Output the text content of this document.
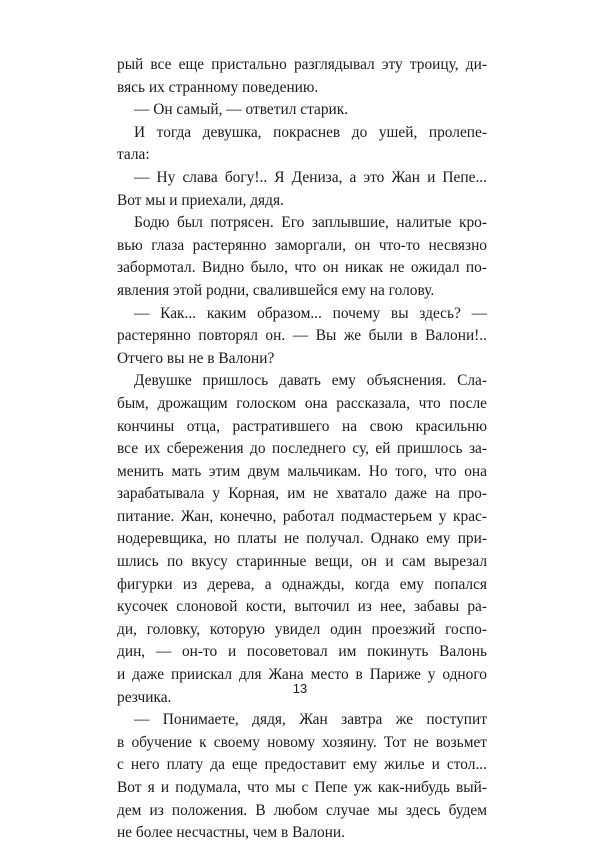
рый все еще пристально разглядывал эту троицу, ди-
вясь их странному поведению.
— Он самый, — ответил старик.
И тогда девушка, покраснев до ушей, пролепе-
тала:
— Ну слава богу!.. Я Дениза, а это Жан и Пепе...
Вот мы и приехали, дядя.
Бодю был потрясен. Его заплывшие, налитые кро-
вью глаза растерянно заморгали, он что-то несвязно
забормотал. Видно было, что он никак не ожидал по-
явления этой родни, свалившейся ему на голову.
— Как... каким образом... почему вы здесь? —
растерянно повторял он. — Вы же были в Валони!..
Отчего вы не в Валони?
Девушке пришлось давать ему объяснения. Сла-
бым, дрожащим голоском она рассказала, что после
кончины отца, растратившего на свою красильню
все их сбережения до последнего су, ей пришлось за-
менить мать этим двум мальчикам. Но того, что она
зарабатывала у Корная, им не хватало даже на про-
питание. Жан, конечно, работал подмастерьем у крас-
нодеревщика, но платы не получал. Однако ему при-
шлись по вкусу старинные вещи, он и сам вырезал
фигурки из дерева, а однажды, когда ему попался
кусочек слоновой кости, выточил из нее, забавы ра-
ди, головку, которую увидел один проезжий госпо-
дин, — он-то и посоветовал им покинуть Валонь
и даже приискал для Жана место в Париже у одного
резчика.
— Понимаете, дядя, Жан завтра же поступит
в обучение к своему новому хозяину. Тот не возьмет
с него плату да еще предоставит ему жилье и стол...
Вот я и подумала, что мы с Пепе уж как-нибудь вый-
дем из положения. В любом случае мы здесь будем
не более несчастны, чем в Валони.
13
